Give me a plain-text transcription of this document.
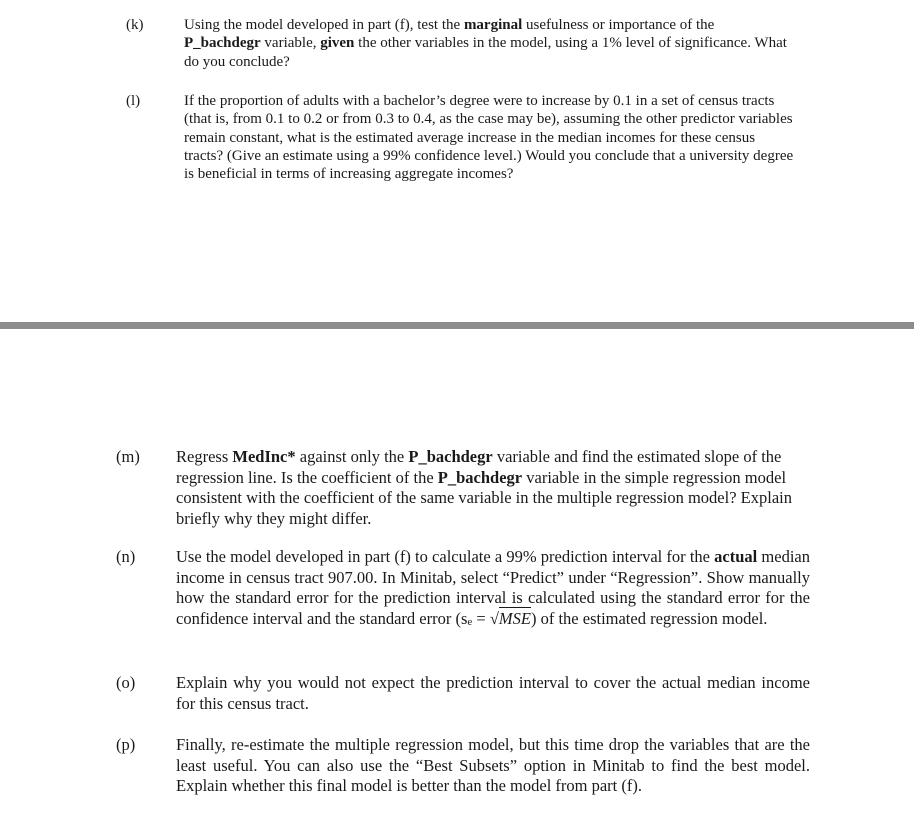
(k)	Using the model developed in part (f), test the marginal usefulness or importance of the P_bachdegr variable, given the other variables in the model, using a 1% level of significance. What do you conclude?
(l)	If the proportion of adults with a bachelor’s degree were to increase by 0.1 in a set of census tracts (that is, from 0.1 to 0.2 or from 0.3 to 0.4, as the case may be), assuming the other predictor variables remain constant, what is the estimated average increase in the median incomes for these census tracts? (Give an estimate using a 99% confidence level.) Would you conclude that a university degree is beneficial in terms of increasing aggregate incomes?
(m) Regress MedInc* against only the P_bachdegr variable and find the estimated slope of the regression line. Is the coefficient of the P_bachdegr variable in the simple regression model consistent with the coefficient of the same variable in the multiple regression model? Explain briefly why they might differ.
(n) Use the model developed in part (f) to calculate a 99% prediction interval for the actual median income in census tract 907.00. In Minitab, select “Predict” under “Regression”. Show manually how the standard error for the prediction interval is calculated using the standard error for the confidence interval and the standard error (se = √MSE) of the estimated regression model.
(o) Explain why you would not expect the prediction interval to cover the actual median income for this census tract.
(p) Finally, re-estimate the multiple regression model, but this time drop the variables that are the least useful. You can also use the “Best Subsets” option in Minitab to find the best model. Explain whether this final model is better than the model from part (f).
